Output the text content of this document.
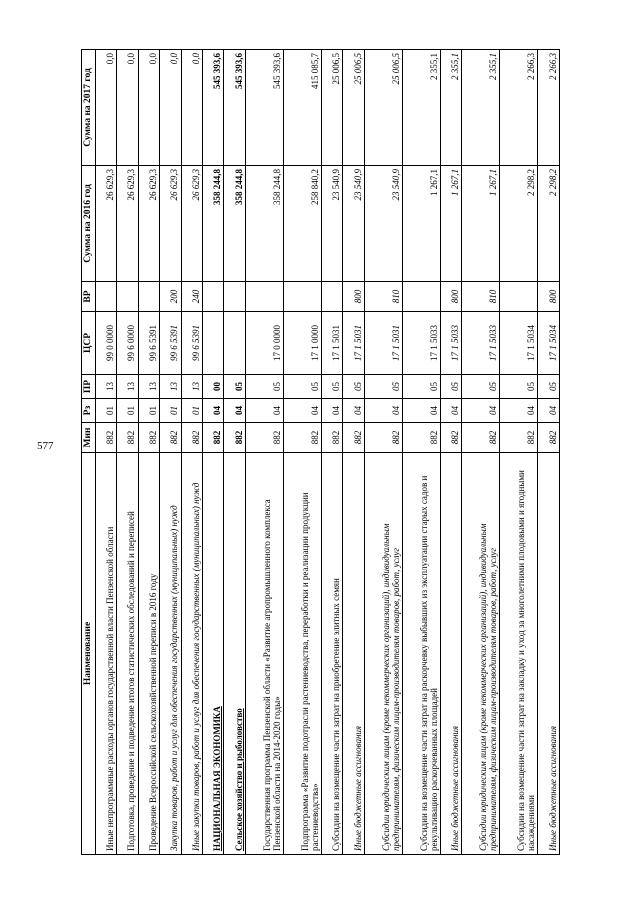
577
Наименование	Мин	Рз	ПР	ЦСР	ВР	Сумма на 2016 год	Сумма на 2017 год
Иные непрограммные расходы органов государственной власти Пензенской области	882	01	13	99 0 0000		26 629,3	0,0
Подготовка, проведение и подведение итогов статистических обследований и переписей	882	01	13	99 6 0000		26 629,3	0,0
Проведение Всероссийской сельскохозяйственной переписи в 2016 году	882	01	13	99 6 5391		26 629,3	0,0
Закупка товаров, работ и услуг для обеспечения государственных (муниципальных) нужд	882	01	13	99 6 5391	200	26 629,3	0,0
Иные закупки товаров, работ и услуг для обеспечения государственных (муниципальных) нужд	882	01	13	99 6 5391	240	26 629,3	0,0
НАЦИОНАЛЬНАЯ ЭКОНОМИКА	882	04	00			358 244,8	545 393,6
Сельское хозяйство и рыболовство	882	04	05			358 244,8	545 393,6
Государственная программа Пензенской области «Развитие агропромышленного комплекса Пензенской области на 2014-2020 годы»	882	04	05	17 0 0000		358 244,8	545 393,6
Подпрограмма «Развитие подотрасли растениеводства, переработки и реализации продукции растениеводства»	882	04	05	17 1 0000		258 840,2	415 085,7
Субсидии на возмещение части затрат на приобретение элитных семян	882	04	05	17 1 5031		23 540,9	25 006,5
Иные бюджетные ассигнования	882	04	05	17 1 5031	800	23 540,9	25 006,5
Субсидии юридическим лицам (кроме некоммерческих организаций), индивидуальным предпринимателям, физическим лицам-производителям товаров, работ, услуг	882	04	05	17 1 5031	810	23 540,9	25 006,5
Субсидии на возмещение части затрат на раскорчевку выбывших из эксплуатации старых садов и рекультивацию раскорчеванных площадей	882	04	05	17 1 5033		1 267,1	2 355,1
Иные бюджетные ассигнования	882	04	05	17 1 5033	800	1 267,1	2 355,1
Субсидии юридическим лицам (кроме некоммерческих организаций), индивидуальным предпринимателям, физическим лицам-производителям товаров, работ, услуг	882	04	05	17 1 5033	810	1 267,1	2 355,1
Субсидии на возмещение части затрат на закладку и уход за многолетними плодовыми и ягодными насаждениями	882	04	05	17 1 5034		2 298,2	2 266,3
Иные бюджетные ассигнования	882	04	05	17 1 5034	800	2 298,2	2 266,3
